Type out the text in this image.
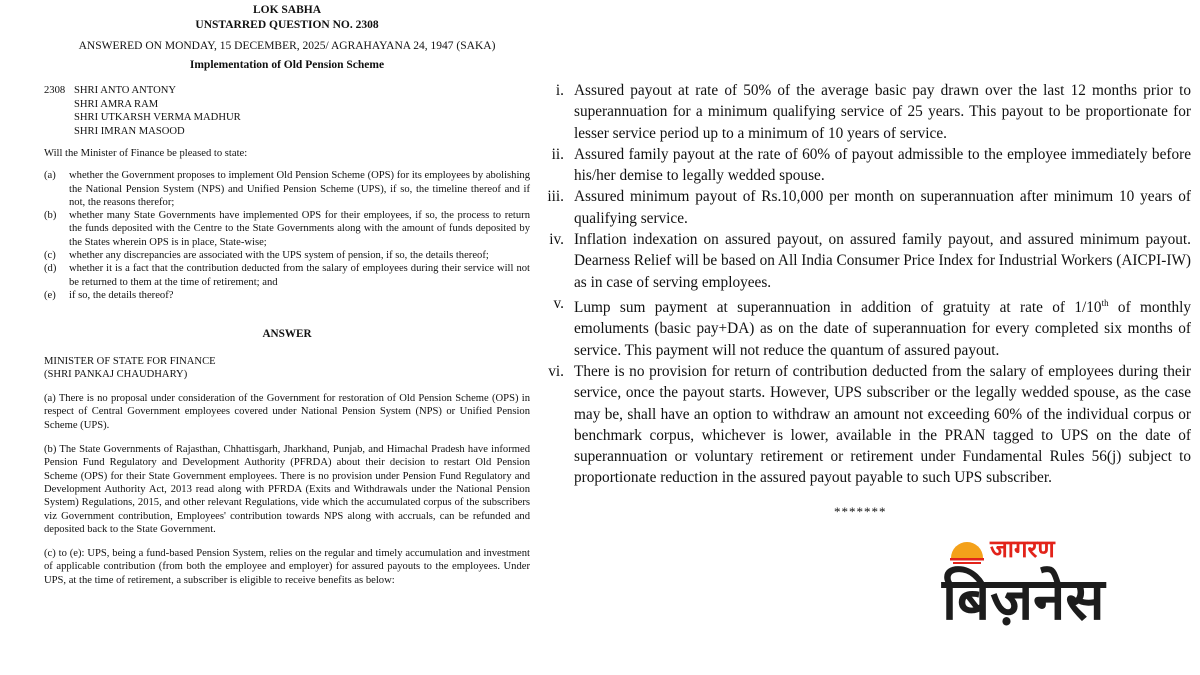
LOK SABHA
UNSTARRED QUESTION NO. 2308
ANSWERED ON MONDAY, 15 DECEMBER, 2025/ AGRAHAYANA 24, 1947 (SAKA)
Implementation of Old Pension Scheme
2308 SHRI ANTO ANTONY
SHRI AMRA RAM
SHRI UTKARSH VERMA MADHUR
SHRI IMRAN MASOOD
Will the Minister of Finance be pleased to state:
(a)	whether the Government proposes to implement Old Pension Scheme (OPS) for its employees by abolishing the National Pension System (NPS) and Unified Pension Scheme (UPS), if so, the timeline thereof and if not, the reasons therefor;
(b)	whether many State Governments have implemented OPS for their employees, if so, the process to return the funds deposited with the Centre to the State Governments along with the amount of funds deposited by the States wherein OPS is in place, State-wise;
(c)	whether any discrepancies are associated with the UPS system of pension, if so, the details thereof;
(d)	whether it is a fact that the contribution deducted from the salary of employees during their service will not be returned to them at the time of retirement; and
(e)	if so, the details thereof?
ANSWER
MINISTER OF STATE FOR FINANCE
(SHRI PANKAJ CHAUDHARY)
(a) There is no proposal under consideration of the Government for restoration of Old Pension Scheme (OPS) in respect of Central Government employees covered under National Pension System (NPS) or Unified Pension Scheme (UPS).
(b) The State Governments of Rajasthan, Chhattisgarh, Jharkhand, Punjab, and Himachal Pradesh have informed Pension Fund Regulatory and Development Authority (PFRDA) about their decision to restart Old Pension Scheme (OPS) for their State Government employees. There is no provision under Pension Fund Regulatory and Development Authority Act, 2013 read along with PFRDA (Exits and Withdrawals under the National Pension System) Regulations, 2015, and other relevant Regulations, vide which the accumulated corpus of the subscribers viz Government contribution, Employees' contribution towards NPS along with accruals, can be refunded and deposited back to the State Government.
(c) to (e): UPS, being a fund-based Pension System, relies on the regular and timely accumulation and investment of applicable contribution (from both the employee and employer) for assured payouts to the employees. Under UPS, at the time of retirement, a subscriber is eligible to receive benefits as below:
i. Assured payout at rate of 50% of the average basic pay drawn over the last 12 months prior to superannuation for a minimum qualifying service of 25 years. This payout to be proportionate for lesser service period up to a minimum of 10 years of service.
ii. Assured family payout at the rate of 60% of payout admissible to the employee immediately before his/her demise to legally wedded spouse.
iii. Assured minimum payout of Rs.10,000 per month on superannuation after minimum 10 years of qualifying service.
iv. Inflation indexation on assured payout, on assured family payout, and assured minimum payout. Dearness Relief will be based on All India Consumer Price Index for Industrial Workers (AICPI-IW) as in case of serving employees.
v. Lump sum payment at superannuation in addition of gratuity at rate of 1/10th of monthly emoluments (basic pay+DA) as on the date of superannuation for every completed six months of service. This payment will not reduce the quantum of assured payout.
vi. There is no provision for return of contribution deducted from the salary of employees during their service, once the payout starts. However, UPS subscriber or the legally wedded spouse, as the case may be, shall have an option to withdraw an amount not exceeding 60% of the individual corpus or benchmark corpus, whichever is lower, available in the PRAN tagged to UPS on the date of superannuation or voluntary retirement or retirement under Fundamental Rules 56(j) subject to proportionate reduction in the assured payout payable to such UPS subscriber.
*******
जागरण
बिज़नेस
